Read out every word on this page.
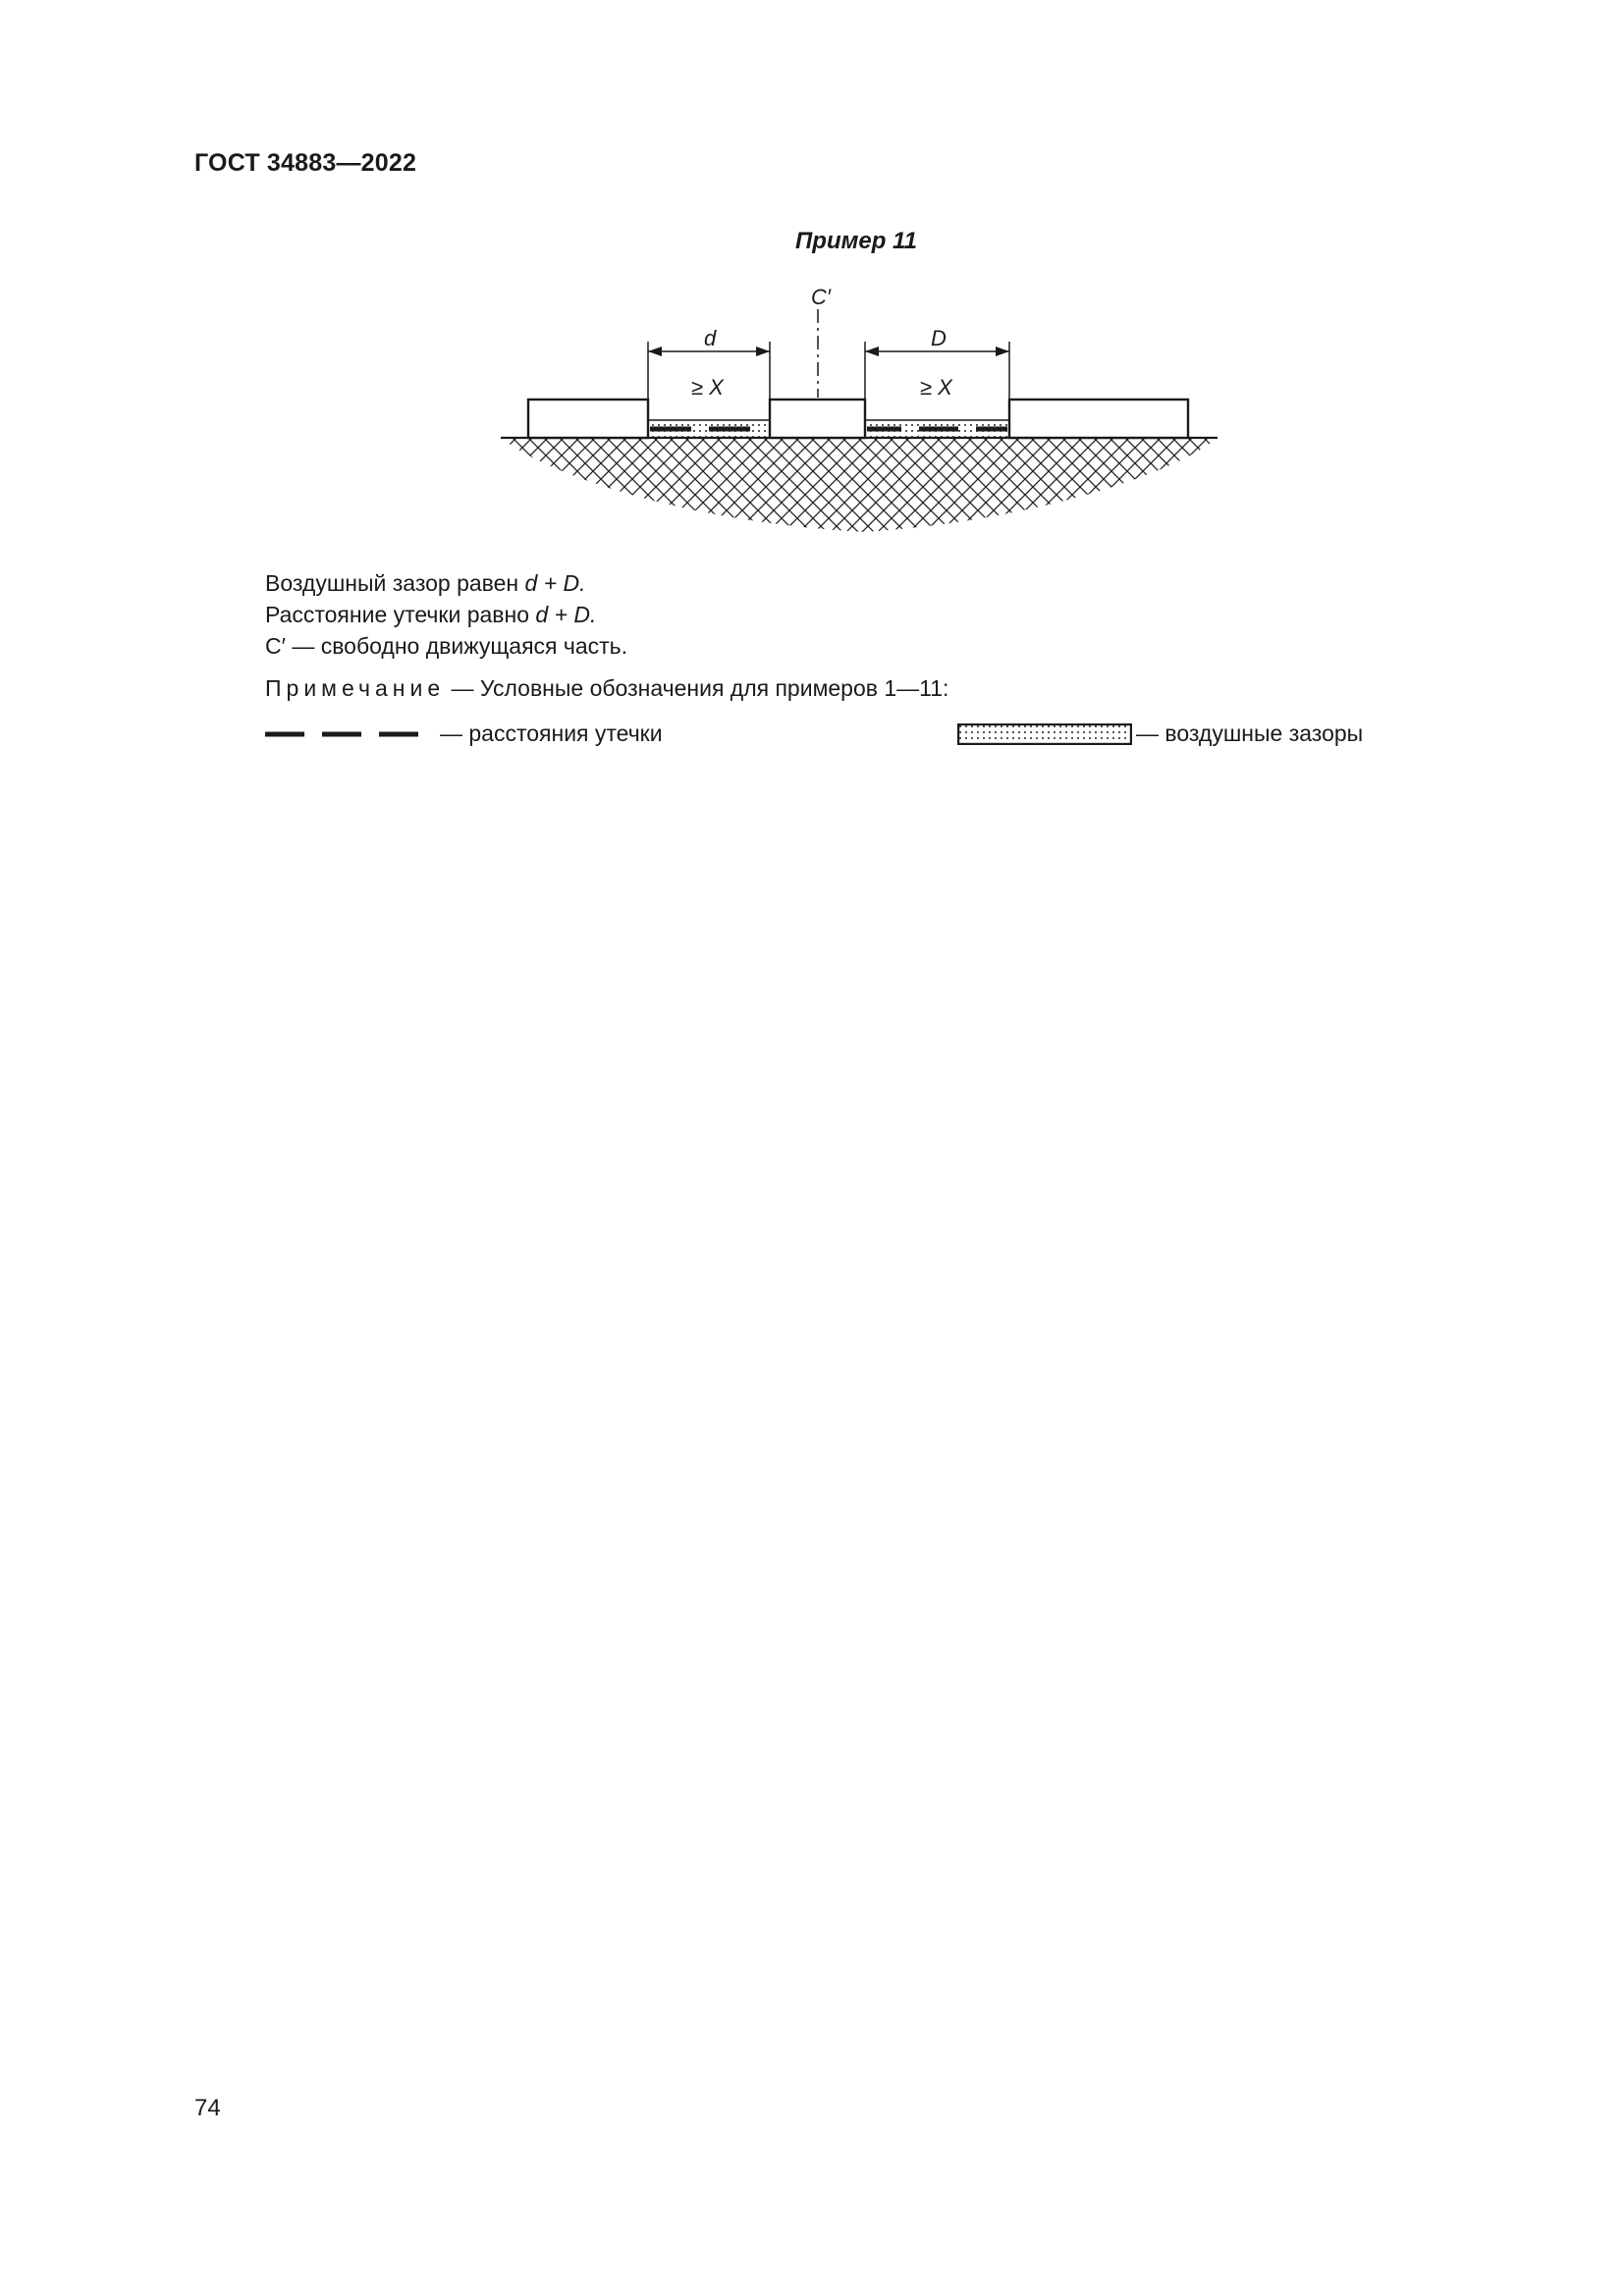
ГОСТ 34883—2022
Пример 11
C′
d	D
≥ X	≥ X
Воздушный зазор равен d + D.
Расстояние утечки равно d + D.
C′ — свободно движущаяся часть.
Примечание — Условные обозначения для примеров 1—11:
— расстояния утечки	— воздушные зазоры
74
